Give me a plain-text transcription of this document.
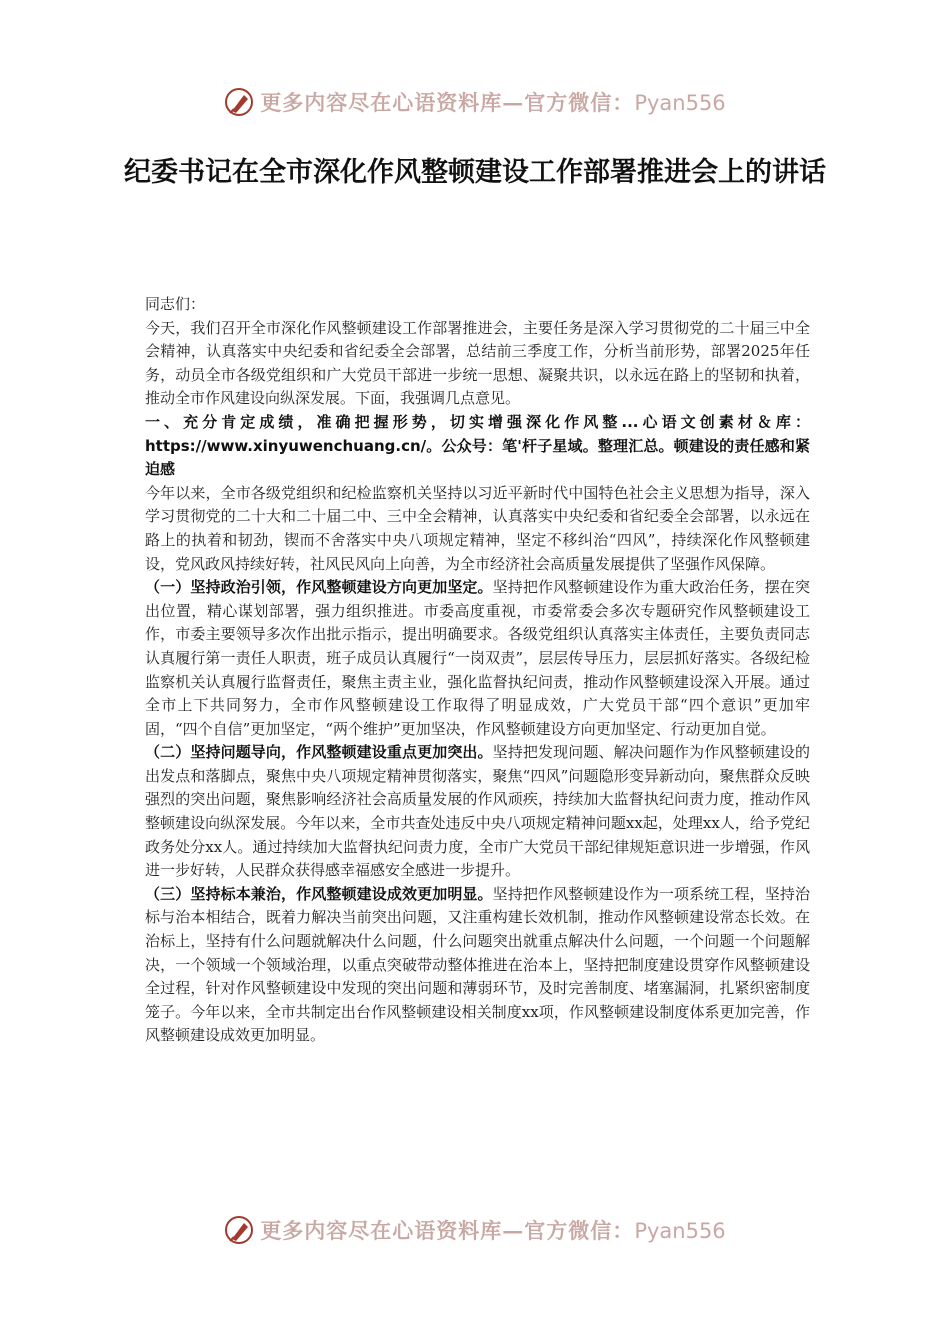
更多内容尽在心语资料库—官方微信：Pyan556
纪委书记在全市深化作风整顿建设工作部署推进会上的讲话

同志们：

今天，我们召开全市深化作风整顿建设工作部署推进会，主要任务是深入学习贯彻党的二十届三中全会精神，认真落实中央纪委和省纪委全会部署，总结前三季度工作，分析当前形势，部署2025年任务，动员全市各级党组织和广大党员干部进一步统一思想、凝聚共识，以永远在路上的坚韧和执着，推动全市作风建设向纵深发展。下面，我强调几点意见。

一、充分肯定成绩，准确把握形势，切实增强深化作风整...心语文创素材＆库：https://www.xinyuwenchuang.cn/。公众号：笔'杆子星域。整理汇总。顿建设的责任感和紧迫感

今年以来，全市各级党组织和纪检监察机关坚持以习近平新时代中国特色社会主义思想为指导，深入学习贯彻党的二十大和二十届二中、三中全会精神，认真落实中央纪委和省纪委全会部署，以永远在路上的执着和韧劲，锲而不舍落实中央八项规定精神，坚定不移纠治“四风”，持续深化作风整顿建设，党风政风持续好转，社风民风向上向善，为全市经济社会高质量发展提供了坚强作风保障。

（一）坚持政治引领，作风整顿建设方向更加坚定。坚持把作风整顿建设作为重大政治任务，摆在突出位置，精心谋划部署，强力组织推进。市委高度重视，市委常委会多次专题研究作风整顿建设工作，市委主要领导多次作出批示指示，提出明确要求。各级党组织认真落实主体责任，主要负责同志认真履行第一责任人职责，班子成员认真履行“一岗双责”，层层传导压力，层层抓好落实。各级纪检监察机关认真履行监督责任，聚焦主责主业，强化监督执纪问责，推动作风整顿建设深入开展。通过全市上下共同努力，全市作风整顿建设工作取得了明显成效，广大党员干部“四个意识”更加牢固，“四个自信”更加坚定，“两个维护”更加坚决，作风整顿建设方向更加坚定、行动更加自觉。

（二）坚持问题导向，作风整顿建设重点更加突出。坚持把发现问题、解决问题作为作风整顿建设的出发点和落脚点，聚焦中央八项规定精神贯彻落实，聚焦“四风”问题隐形变异新动向，聚焦群众反映强烈的突出问题，聚焦影响经济社会高质量发展的作风顽疾，持续加大监督执纪问责力度，推动作风整顿建设向纵深发展。今年以来，全市共查处违反中央八项规定精神问题xx起，处理xx人，给予党纪政务处分xx人。通过持续加大监督执纪问责力度，全市广大党员干部纪律规矩意识进一步增强，作风进一步好转，人民群众获得感幸福感安全感进一步提升。

（三）坚持标本兼治，作风整顿建设成效更加明显。坚持把作风整顿建设作为一项系统工程，坚持治标与治本相结合，既着力解决当前突出问题，又注重构建长效机制，推动作风整顿建设常态长效。在治标上，坚持有什么问题就解决什么问题，什么问题突出就重点解决什么问题，一个问题一个问题解决，一个领域一个领域治理，以重点突破带动整体推进在治本上，坚持把制度建设贯穿作风整顿建设全过程，针对作风整顿建设中发现的突出问题和薄弱环节，及时完善制度、堵塞漏洞，扎紧织密制度笼子。今年以来，全市共制定出台作风整顿建设相关制度xx项，作风整顿建设制度体系更加完善，作风整顿建设成效更加明显。

更多内容尽在心语资料库—官方微信：Pyan556
